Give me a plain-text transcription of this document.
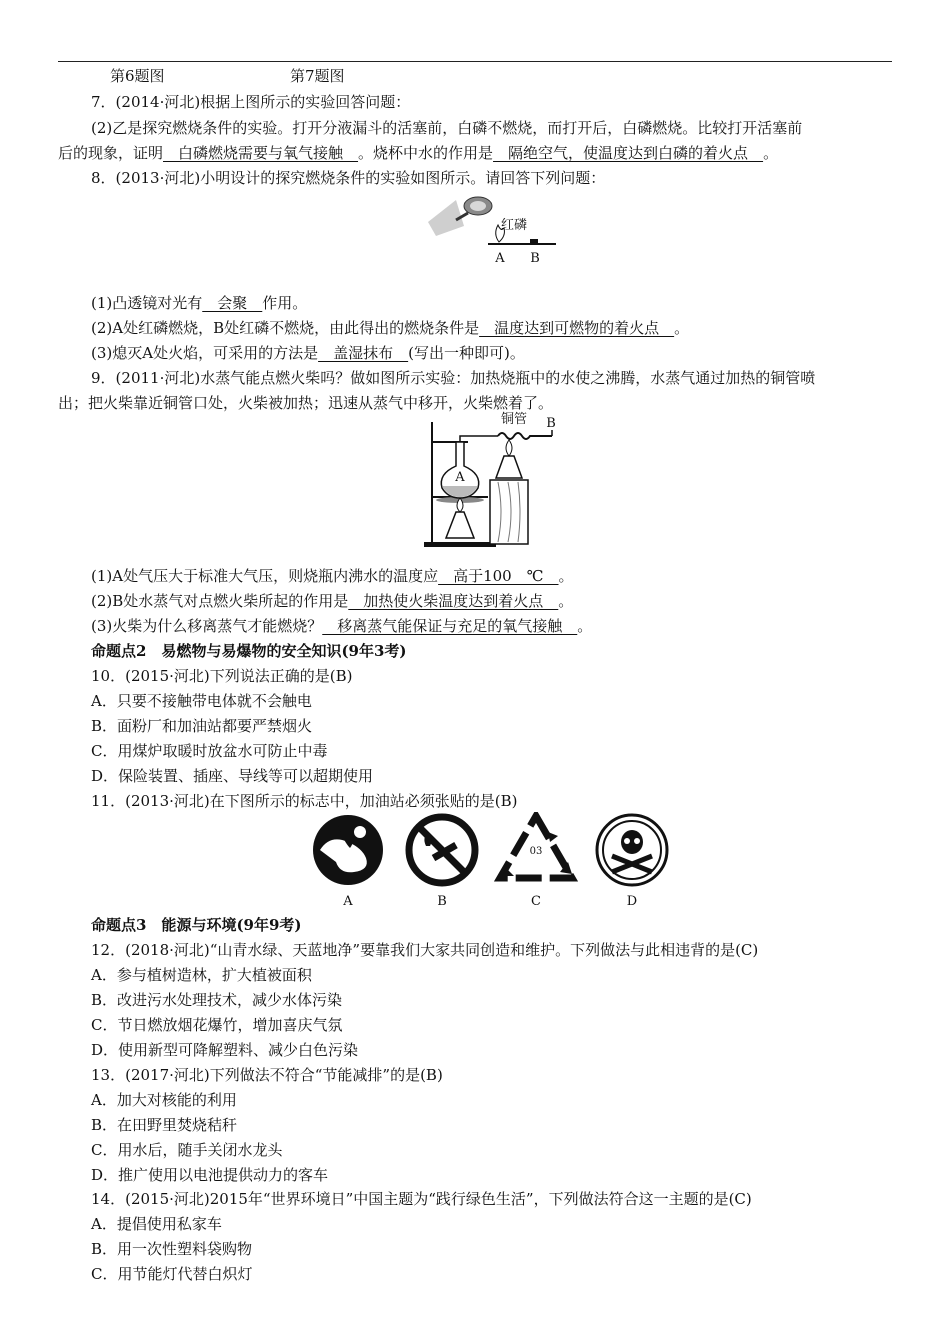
第6题图	第7题图
7．(2014·河北)根据上图所示的实验回答问题：
(2)乙是探究燃烧条件的实验。打开分液漏斗的活塞前，白磷不燃烧，而打开后，白磷燃烧。比较打开活塞前
后的现象，证明　白磷燃烧需要与氧气接触　。烧杯中水的作用是　隔绝空气，使温度达到白磷的着火点　。
8．(2013·河北)小明设计的探究燃烧条件的实验如图所示。请回答下列问题：
红磷
A	B
(1)凸透镜对光有　会聚　作用。
(2)A处红磷燃烧，B处红磷不燃烧，由此得出的燃烧条件是　温度达到可燃物的着火点　。
(3)熄灭A处火焰，可采用的方法是　盖湿抹布　(写出一种即可)。
9．(2011·河北)水蒸气能点燃火柴吗？做如图所示实验：加热烧瓶中的水使之沸腾，水蒸气通过加热的铜管喷
出；把火柴靠近铜管口处，火柴被加热；迅速从蒸气中移开，火柴燃着了。
铜管
A
B
(1)A处气压大于标准大气压，则烧瓶内沸水的温度应　高于100　℃　。
(2)B处水蒸气对点燃火柴所起的作用是　加热使火柴温度达到着火点　。
(3)火柴为什么移离蒸气才能燃烧？　移离蒸气能保证与充足的氧气接触　。
命题点2　易燃物与易爆物的安全知识(9年3考)
10．(2015·河北)下列说法正确的是(B)
A．只要不接触带电体就不会触电
B．面粉厂和加油站都要严禁烟火
C．用煤炉取暖时放盆水可防止中毒
D．保险装置、插座、导线等可以超期使用
11．(2013·河北)在下图所示的标志中，加油站必须张贴的是(B)
03
A	B	C	D
命题点3　能源与环境(9年9考)
12．(2018·河北)“山青水绿、天蓝地净”要靠我们大家共同创造和维护。下列做法与此相违背的是(C)
A．参与植树造林，扩大植被面积
B．改进污水处理技术，减少水体污染
C．节日燃放烟花爆竹，增加喜庆气氛
D．使用新型可降解塑料、减少白色污染
13．(2017·河北)下列做法不符合“节能减排”的是(B)
A．加大对核能的利用
B．在田野里焚烧秸秆
C．用水后，随手关闭水龙头
D．推广使用以电池提供动力的客车
14．(2015·河北)2015年“世界环境日”中国主题为“践行绿色生活”，下列做法符合这一主题的是(C)
A．提倡使用私家车
B．用一次性塑料袋购物
C．用节能灯代替白炽灯
